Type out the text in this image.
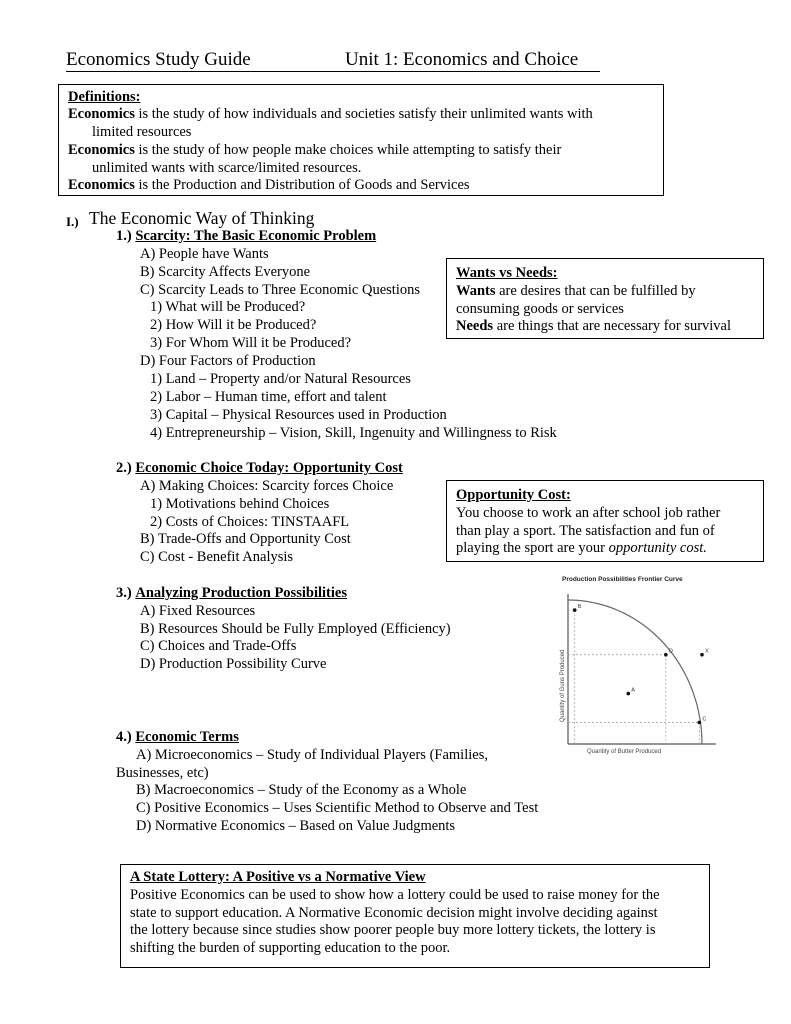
Economics Study Guide	Unit 1: Economics and Choice
Definitions:
Economics is the study of how individuals and societies satisfy their unlimited wants with
limited resources
Economics is the study of how people make choices while attempting to satisfy their
unlimited wants with scarce/limited resources.
Economics is the Production and Distribution of Goods and Services
I.) The Economic Way of Thinking
1.) Scarcity: The Basic Economic Problem
A) People have Wants
B) Scarcity Affects Everyone
C) Scarcity Leads to Three Economic Questions
1) What will be Produced?
2) How Will it be Produced?
3) For Whom Will it be Produced?
D) Four Factors of Production
1) Land – Property and/or Natural Resources
2) Labor – Human time, effort and talent
3) Capital – Physical Resources used in Production
4) Entrepreneurship – Vision, Skill, Ingenuity and Willingness to Risk
Wants vs Needs:
Wants are desires that can be fulfilled by
consuming goods or services
Needs are things that are necessary for survival
2.) Economic Choice Today: Opportunity Cost
A) Making Choices: Scarcity forces Choice
1) Motivations behind Choices
2) Costs of Choices: TINSTAAFL
B) Trade-Offs and Opportunity Cost
C) Cost - Benefit Analysis
Opportunity Cost:
You choose to work an after school job rather
than play a sport. The satisfaction and fun of
playing the sport are your opportunity cost.
3.) Analyzing Production Possibilities
A) Fixed Resources
B) Resources Should be Fully Employed (Efficiency)
C) Choices and Trade-Offs
D) Production Possibility Curve
Production Possibilities Frontier Curve
Quantity of Guns Produced
Quantity of Butter Produced
B
D
C
A
X
4.) Economic Terms
A) Microeconomics – Study of Individual Players (Families,
Businesses, etc)
B) Macroeconomics – Study of the Economy as a Whole
C) Positive Economics – Uses Scientific Method to Observe and Test
D) Normative Economics – Based on Value Judgments
A State Lottery: A Positive vs a Normative View
Positive Economics can be used to show how a lottery could be used to raise money for the
state to support education. A Normative Economic decision might involve deciding against
the lottery because since studies show poorer people buy more lottery tickets, the lottery is
shifting the burden of supporting education to the poor.
